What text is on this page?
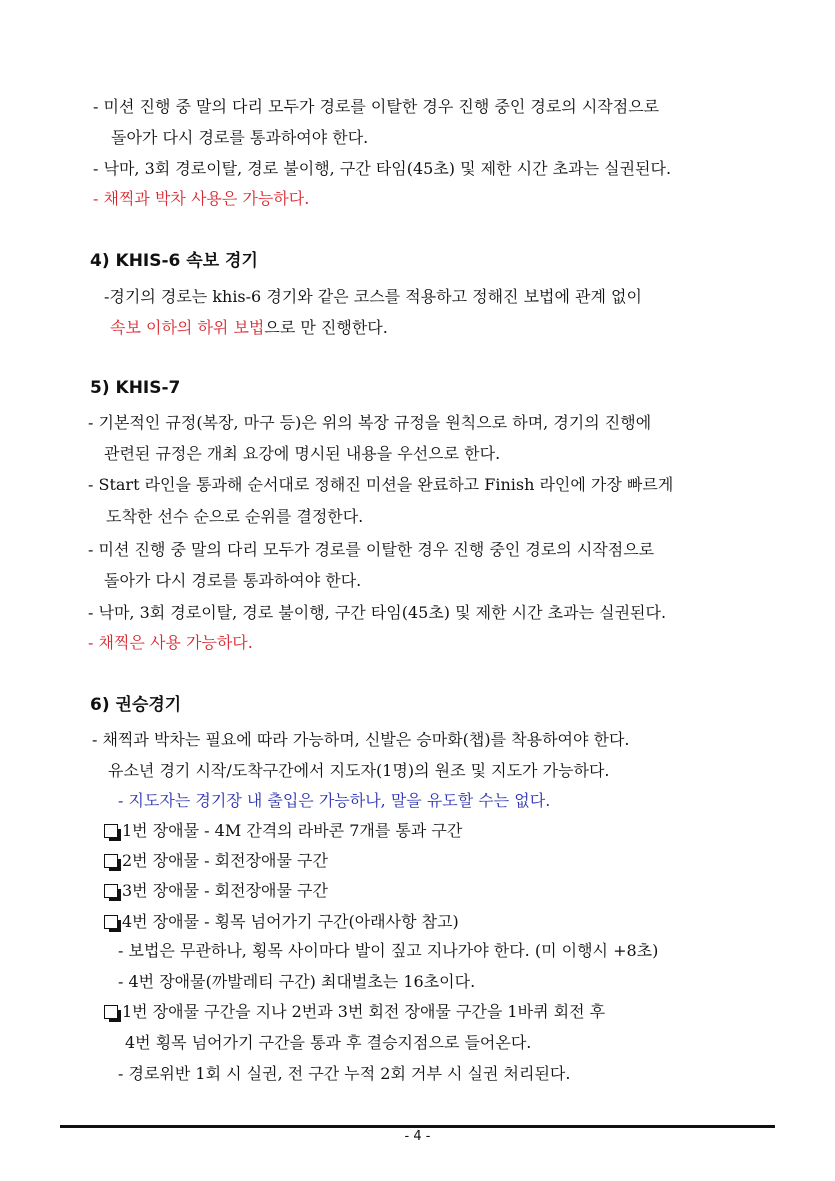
- 미션 진행 중 말의 다리 모두가 경로를 이탈한 경우 진행 중인 경로의 시작점으로
돌아가 다시 경로를 통과하여야 한다.
- 낙마, 3회 경로이탈, 경로 불이행, 구간 타임(45초) 및 제한 시간 초과는 실권된다.
- 채찍과 박차 사용은 가능하다.
4) KHIS-6 속보 경기
-경기의 경로는 khis-6 경기와 같은 코스를 적용하고 정해진 보법에 관계 없이
속보 이하의 하위 보법으로 만 진행한다.
5) KHIS-7
- 기본적인 규정(복장, 마구 등)은 위의 복장 규정을 원칙으로 하며, 경기의 진행에
관련된 규정은 개최 요강에 명시된 내용을 우선으로 한다.
- Start 라인을 통과해 순서대로 정해진 미션을 완료하고 Finish 라인에 가장 빠르게
도착한 선수 순으로 순위를 결정한다.
- 미션 진행 중 말의 다리 모두가 경로를 이탈한 경우 진행 중인 경로의 시작점으로
돌아가 다시 경로를 통과하여야 한다.
- 낙마, 3회 경로이탈, 경로 불이행, 구간 타임(45초) 및 제한 시간 초과는 실권된다.
- 채찍은 사용 가능하다.
6) 권승경기
- 채찍과 박차는 필요에 따라 가능하며, 신발은 승마화(챕)를 착용하여야 한다.
유소년 경기 시작/도착구간에서 지도자(1명)의 원조 및 지도가 가능하다.
- 지도자는 경기장 내 출입은 가능하나, 말을 유도할 수는 없다.
1번 장애물 - 4M 간격의 라바콘 7개를 통과 구간
2번 장애물 - 회전장애물 구간
3번 장애물 - 회전장애물 구간
4번 장애물 - 횡목 넘어가기 구간(아래사항 참고)
- 보법은 무관하나, 횡목 사이마다 발이 짚고 지나가야 한다. (미 이행시 +8초)
- 4번 장애물(까발레티 구간) 최대벌초는 16초이다.
1번 장애물 구간을 지나 2번과 3번 회전 장애물 구간을 1바퀴 회전 후
4번 횡목 넘어가기 구간을 통과 후 결승지점으로 들어온다.
- 경로위반 1회 시 실권, 전 구간 누적 2회 거부 시 실권 처리된다.
- 4 -
